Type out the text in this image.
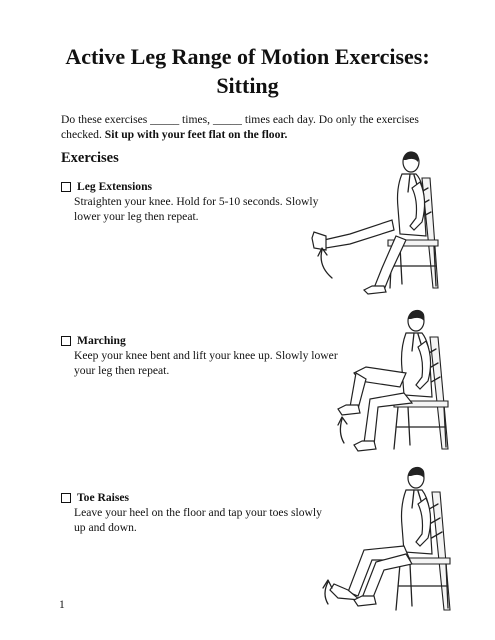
Active Leg Range of Motion Exercises:
Sitting

Do these exercises _____ times, _____ times each day. Do only the exercises checked. Sit up with your feet flat on the floor.

Exercises
Leg Extensions
Straighten your knee. Hold for 5-10 seconds. Slowly lower your leg then repeat.
Marching
Keep your knee bent and lift your knee up. Slowly lower your leg then repeat.
Toe Raises
Leave your heel on the floor and tap your toes slowly up and down.
1
